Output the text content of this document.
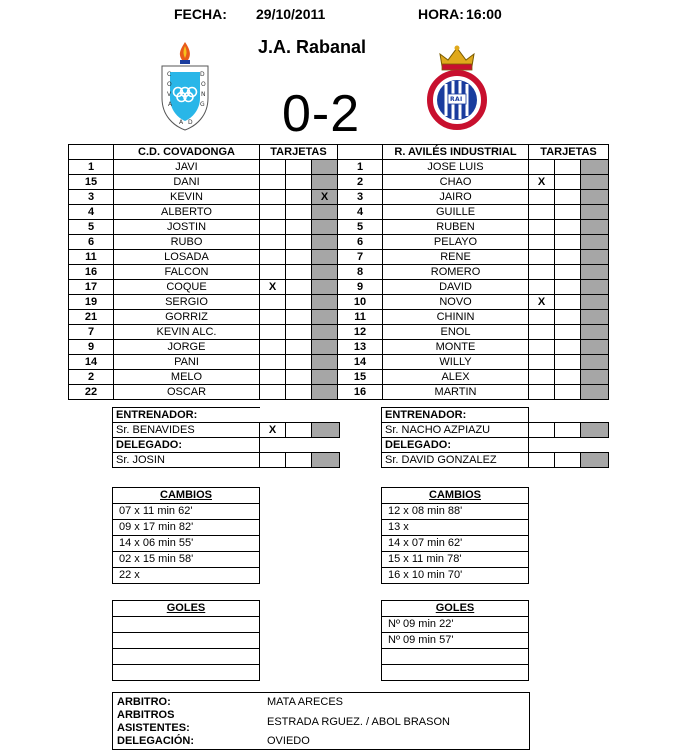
FECHA: 29/10/2011	HORA: 16:00
J.A. Rabanal
0-2
C
O
V
A
D
O
N
G
A D
R A I
	C.D. COVADONGA	TARJETAS				R. AVILÉS INDUSTRIAL	TARJETAS		
1	JAVI				1	JOSE LUIS			
15	DANI				2	CHAO	X		
3	KEVIN			X	3	JAIRO			
4	ALBERTO				4	GUILLE			
5	JOSTIN				5	RUBEN			
6	RUBO				6	PELAYO			
11	LOSADA				7	RENE			
16	FALCON				8	ROMERO			
17	COQUE	X			9	DAVID			
19	SERGIO				10	NOVO	X		
21	GORRIZ				11	CHININ			
7	KEVIN ALC.				12	ENOL			
9	JORGE				13	MONTE			
14	PANI				14	WILLY			
2	MELO				15	ALEX			
22	OSCAR				16	MARTIN			
ENTRENADOR:			
Sr. BENAVIDES	X		
DELEGADO:			
Sr. JOSIN			
ENTRENADOR:			
Sr. NACHO AZPIAZU			
DELEGADO:			
Sr. DAVID GONZALEZ			
CAMBIOS
07 x 11 min 62'
09 x 17 min 82'
14 x 06 min 55'
02 x 15 min 58'
22 x
CAMBIOS
12 x 08 min 88'
13 x
14 x 07 min 62'
15 x 11 min 78'
16 x 10 min 70'
GOLES	GOLES
Nº 09 min 22'
Nº 09 min 57'

ARBITRO:	MATA ARECES
ARBITROS
ASISTENTES:	ESTRADA RGUEZ. / ABOL BRASON
DELEGACIÓN:	OVIEDO
